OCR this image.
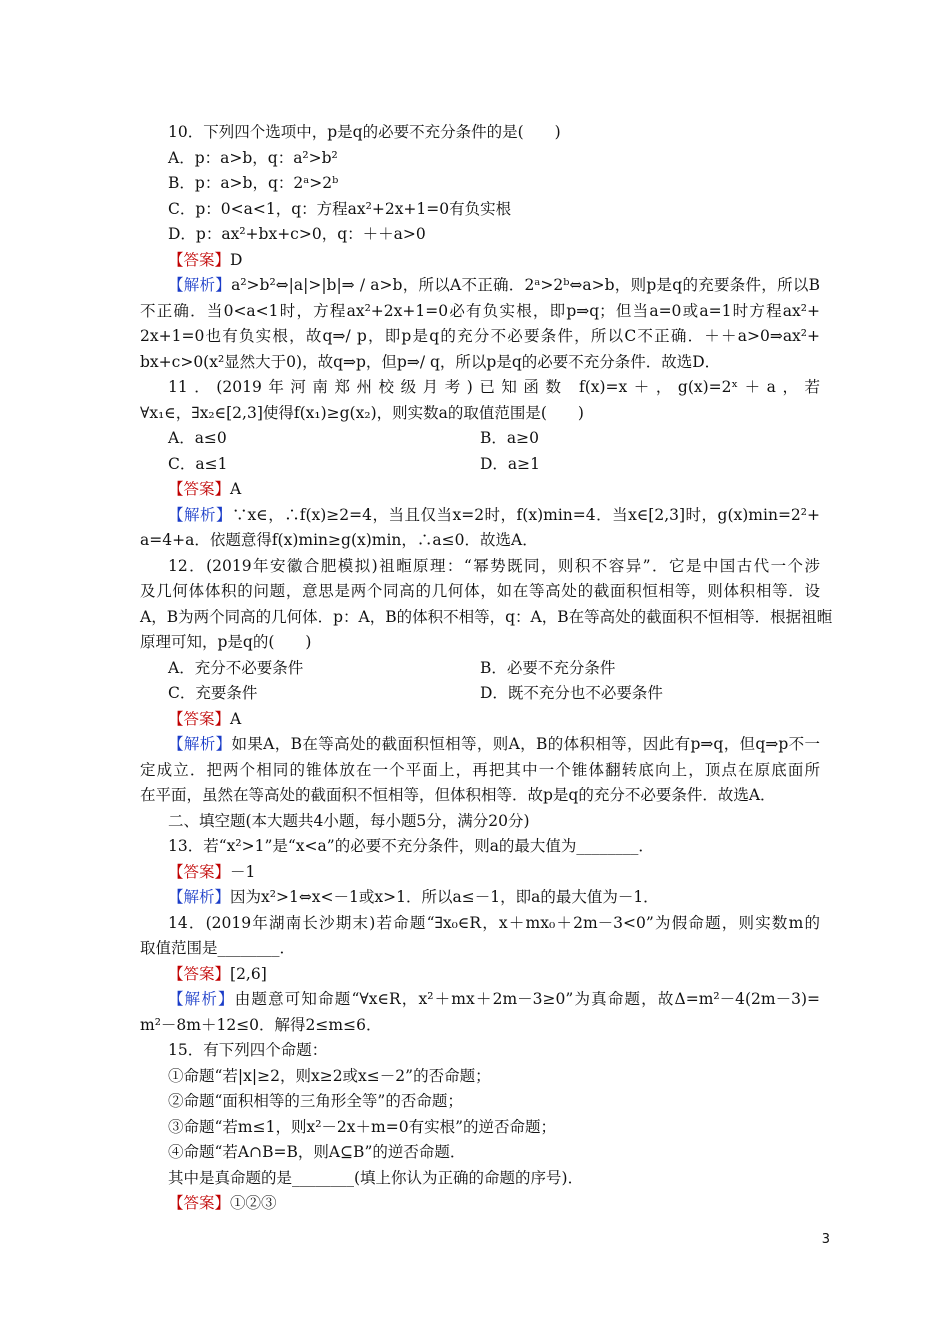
10．下列四个选项中，p是q的必要不充分条件的是(　　)
A．p：a>b，q：a²>b²
B．p：a>b，q：2ᵃ>2ᵇ
C．p：0<a<1，q：方程ax²+2x+1=0有负实根
D．p：ax²+bx+c>0，q：＋＋a>0
【答案】D
【解析】a²>b²⇔|a|>|b|⇒ / a>b，所以A不正确．2ᵃ>2ᵇ⇔a>b，则p是q的充要条件，所以B
不正确．当0<a<1时，方程ax²+2x+1=0必有负实根，即p⇒q；但当a=0或a=1时方程ax²+
2x+1=0也有负实根，故q⇒/ p，即p是q的充分不必要条件，所以C不正确．＋＋a>0⇒ax²+
bx+c>0(x²显然大于0)，故q⇒p，但p⇒/ q，所以p是q的必要不充分条件．故选D．
11．(2019年河南郑州校级月考)已知函数 f(x)=x＋，g(x)=2ˣ＋a，若
∀x₁∈，∃x₂∈[2,3]使得f(x₁)≥g(x₂)，则实数a的取值范围是(　　)
A．a≤0	B．a≥0
C．a≤1	D．a≥1
【答案】A
【解析】∵x∈，∴f(x)≥2=4，当且仅当x=2时，f(x)min=4．当x∈[2,3]时，g(x)min=2²+
a=4+a．依题意得f(x)min≥g(x)min，∴a≤0．故选A．
12．(2019年安徽合肥模拟)祖暅原理：“幂势既同，则积不容异”．它是中国古代一个涉
及几何体体积的问题，意思是两个同高的几何体，如在等高处的截面积恒相等，则体积相等．设
A，B为两个同高的几何体．p：A，B的体积不相等，q：A，B在等高处的截面积不恒相等．根据祖暅
原理可知，p是q的(　　)
A．充分不必要条件	B．必要不充分条件
C．充要条件	D．既不充分也不必要条件
【答案】A
【解析】如果A，B在等高处的截面积恒相等，则A，B的体积相等，因此有p⇒q，但q⇒p不一
定成立．把两个相同的锥体放在一个平面上，再把其中一个锥体翻转底向上，顶点在原底面所
在平面，虽然在等高处的截面积不恒相等，但体积相等．故p是q的充分不必要条件．故选A．
二、填空题(本大题共4小题，每小题5分，满分20分)
13．若“x²>1”是“x<a”的必要不充分条件，则a的最大值为________．
【答案】－1
【解析】因为x²>1⇔x<－1或x>1．所以a≤－1，即a的最大值为－1．
14．(2019年湖南长沙期末)若命题“∃x₀∈R，x＋mx₀＋2m－3<0”为假命题，则实数m的
取值范围是________．
【答案】[2,6]
【解析】由题意可知命题“∀x∈R，x²＋mx＋2m－3≥0”为真命题，故Δ=m²－4(2m－3)=
m²－8m＋12≤0．解得2≤m≤6．
15．有下列四个命题：
①命题“若|x|≥2，则x≥2或x≤－2”的否命题；
②命题“面积相等的三角形全等”的否命题；
③命题“若m≤1，则x²－2x＋m=0有实根”的逆否命题；
④命题“若A∩B=B，则A⊆B”的逆否命题．
其中是真命题的是________(填上你认为正确的命题的序号)．
【答案】①②③
3
